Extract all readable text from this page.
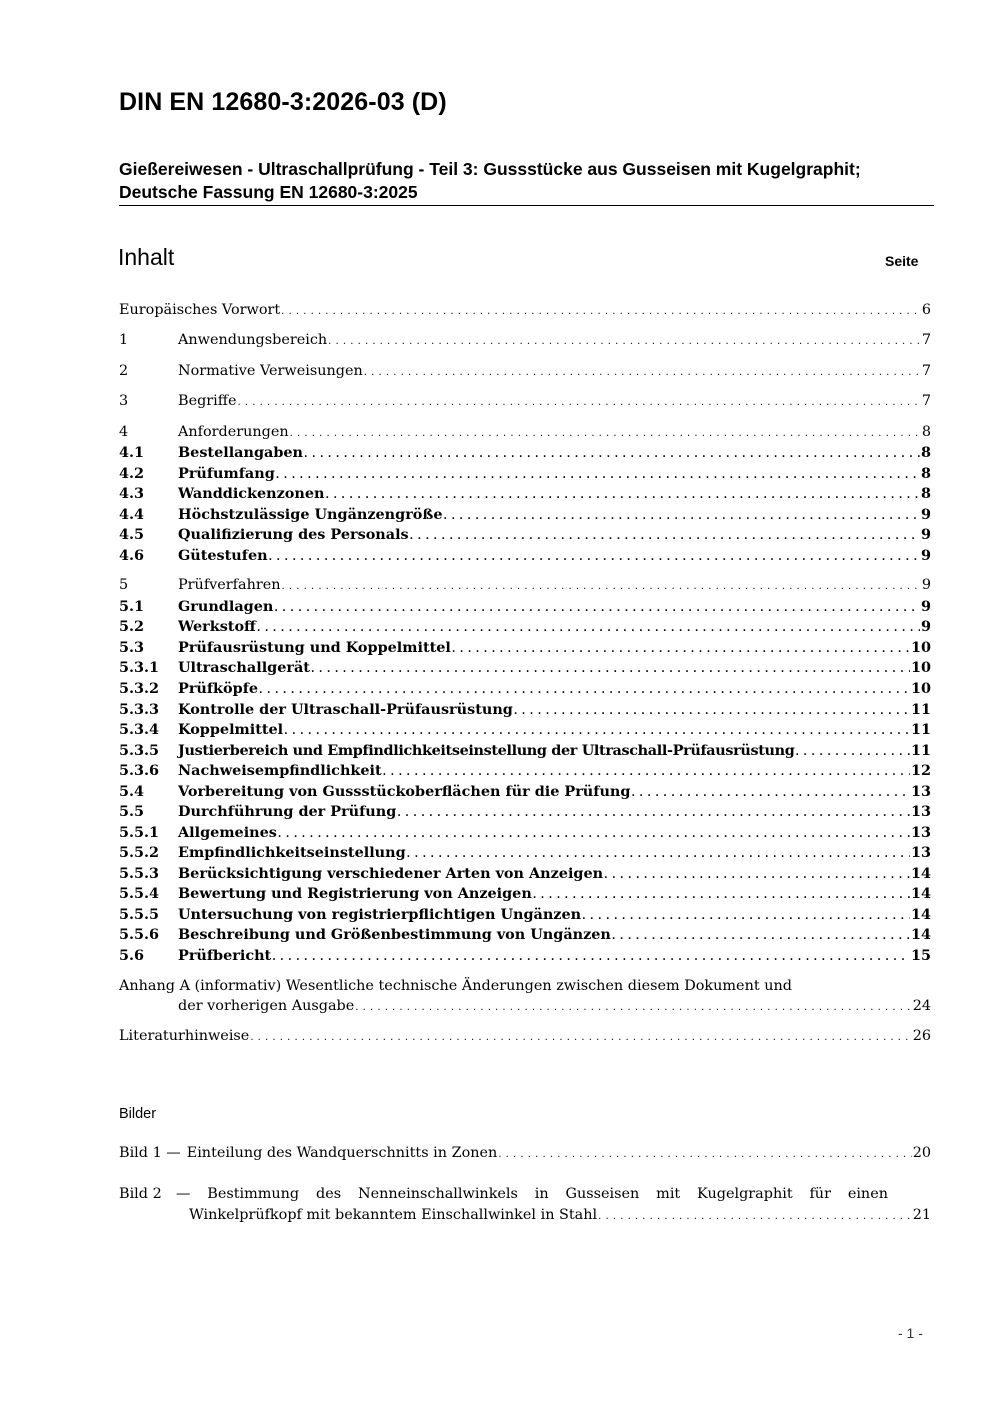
DIN EN 12680-3:2026-03 (D)
Gießereiwesen - Ultraschallprüfung - Teil 3: Gussstücke aus Gusseisen mit Kugelgraphit; Deutsche Fassung EN 12680-3:2025
Inhalt	Seite
Europäisches Vorwort . . .	6
1	Anwendungsbereich . . .	7
2	Normative Verweisungen . . .	7
3	Begriffe . . .	7
4	Anforderungen . . .	8
4.1	Bestellangaben . . .	8
4.2	Prüfumfang . . .	8
4.3	Wanddickenzonen . . .	8
4.4	Höchstzulässige Ungänzengröße . . .	9
4.5	Qualifizierung des Personals . . .	9
4.6	Gütestufen . . .	9
5	Prüfverfahren . . .	9
5.1	Grundlagen . . .	9
5.2	Werkstoff . . .	9
5.3	Prüfausrüstung und Koppelmittel . . .	10
5.3.1	Ultraschallgerät . . .	10
5.3.2	Prüfköpfe . . .	10
5.3.3	Kontrolle der Ultraschall-Prüfausrüstung . . .	11
5.3.4	Koppelmittel . . .	11
5.3.5	Justierbereich und Empfindlichkeitseinstellung der Ultraschall-Prüfausrüstung . . .	11
5.3.6	Nachweisempfindlichkeit . . .	12
5.4	Vorbereitung von Gussstückoberflächen für die Prüfung . . .	13
5.5	Durchführung der Prüfung . . .	13
5.5.1	Allgemeines . . .	13
5.5.2	Empfindlichkeitseinstellung . . .	13
5.5.3	Berücksichtigung verschiedener Arten von Anzeigen . . .	14
5.5.4	Bewertung und Registrierung von Anzeigen . . .	14
5.5.5	Untersuchung von registrierpflichtigen Ungänzen . . .	14
5.5.6	Beschreibung und Größenbestimmung von Ungänzen . . .	14
5.6	Prüfbericht . . .	15
Anhang A (informativ) Wesentliche technische Änderungen zwischen diesem Dokument und
der vorherigen Ausgabe . . .	24
Literaturhinweise . . .	26
Bilder
Bild 1 — Einteilung des Wandquerschnitts in Zonen . . .	20
Bild 2 — Bestimmung des Nenneinschallwinkels in Gusseisen mit Kugelgraphit für einen
Winkelprüfkopf mit bekanntem Einschallwinkel in Stahl . . .	21
- 1 -
